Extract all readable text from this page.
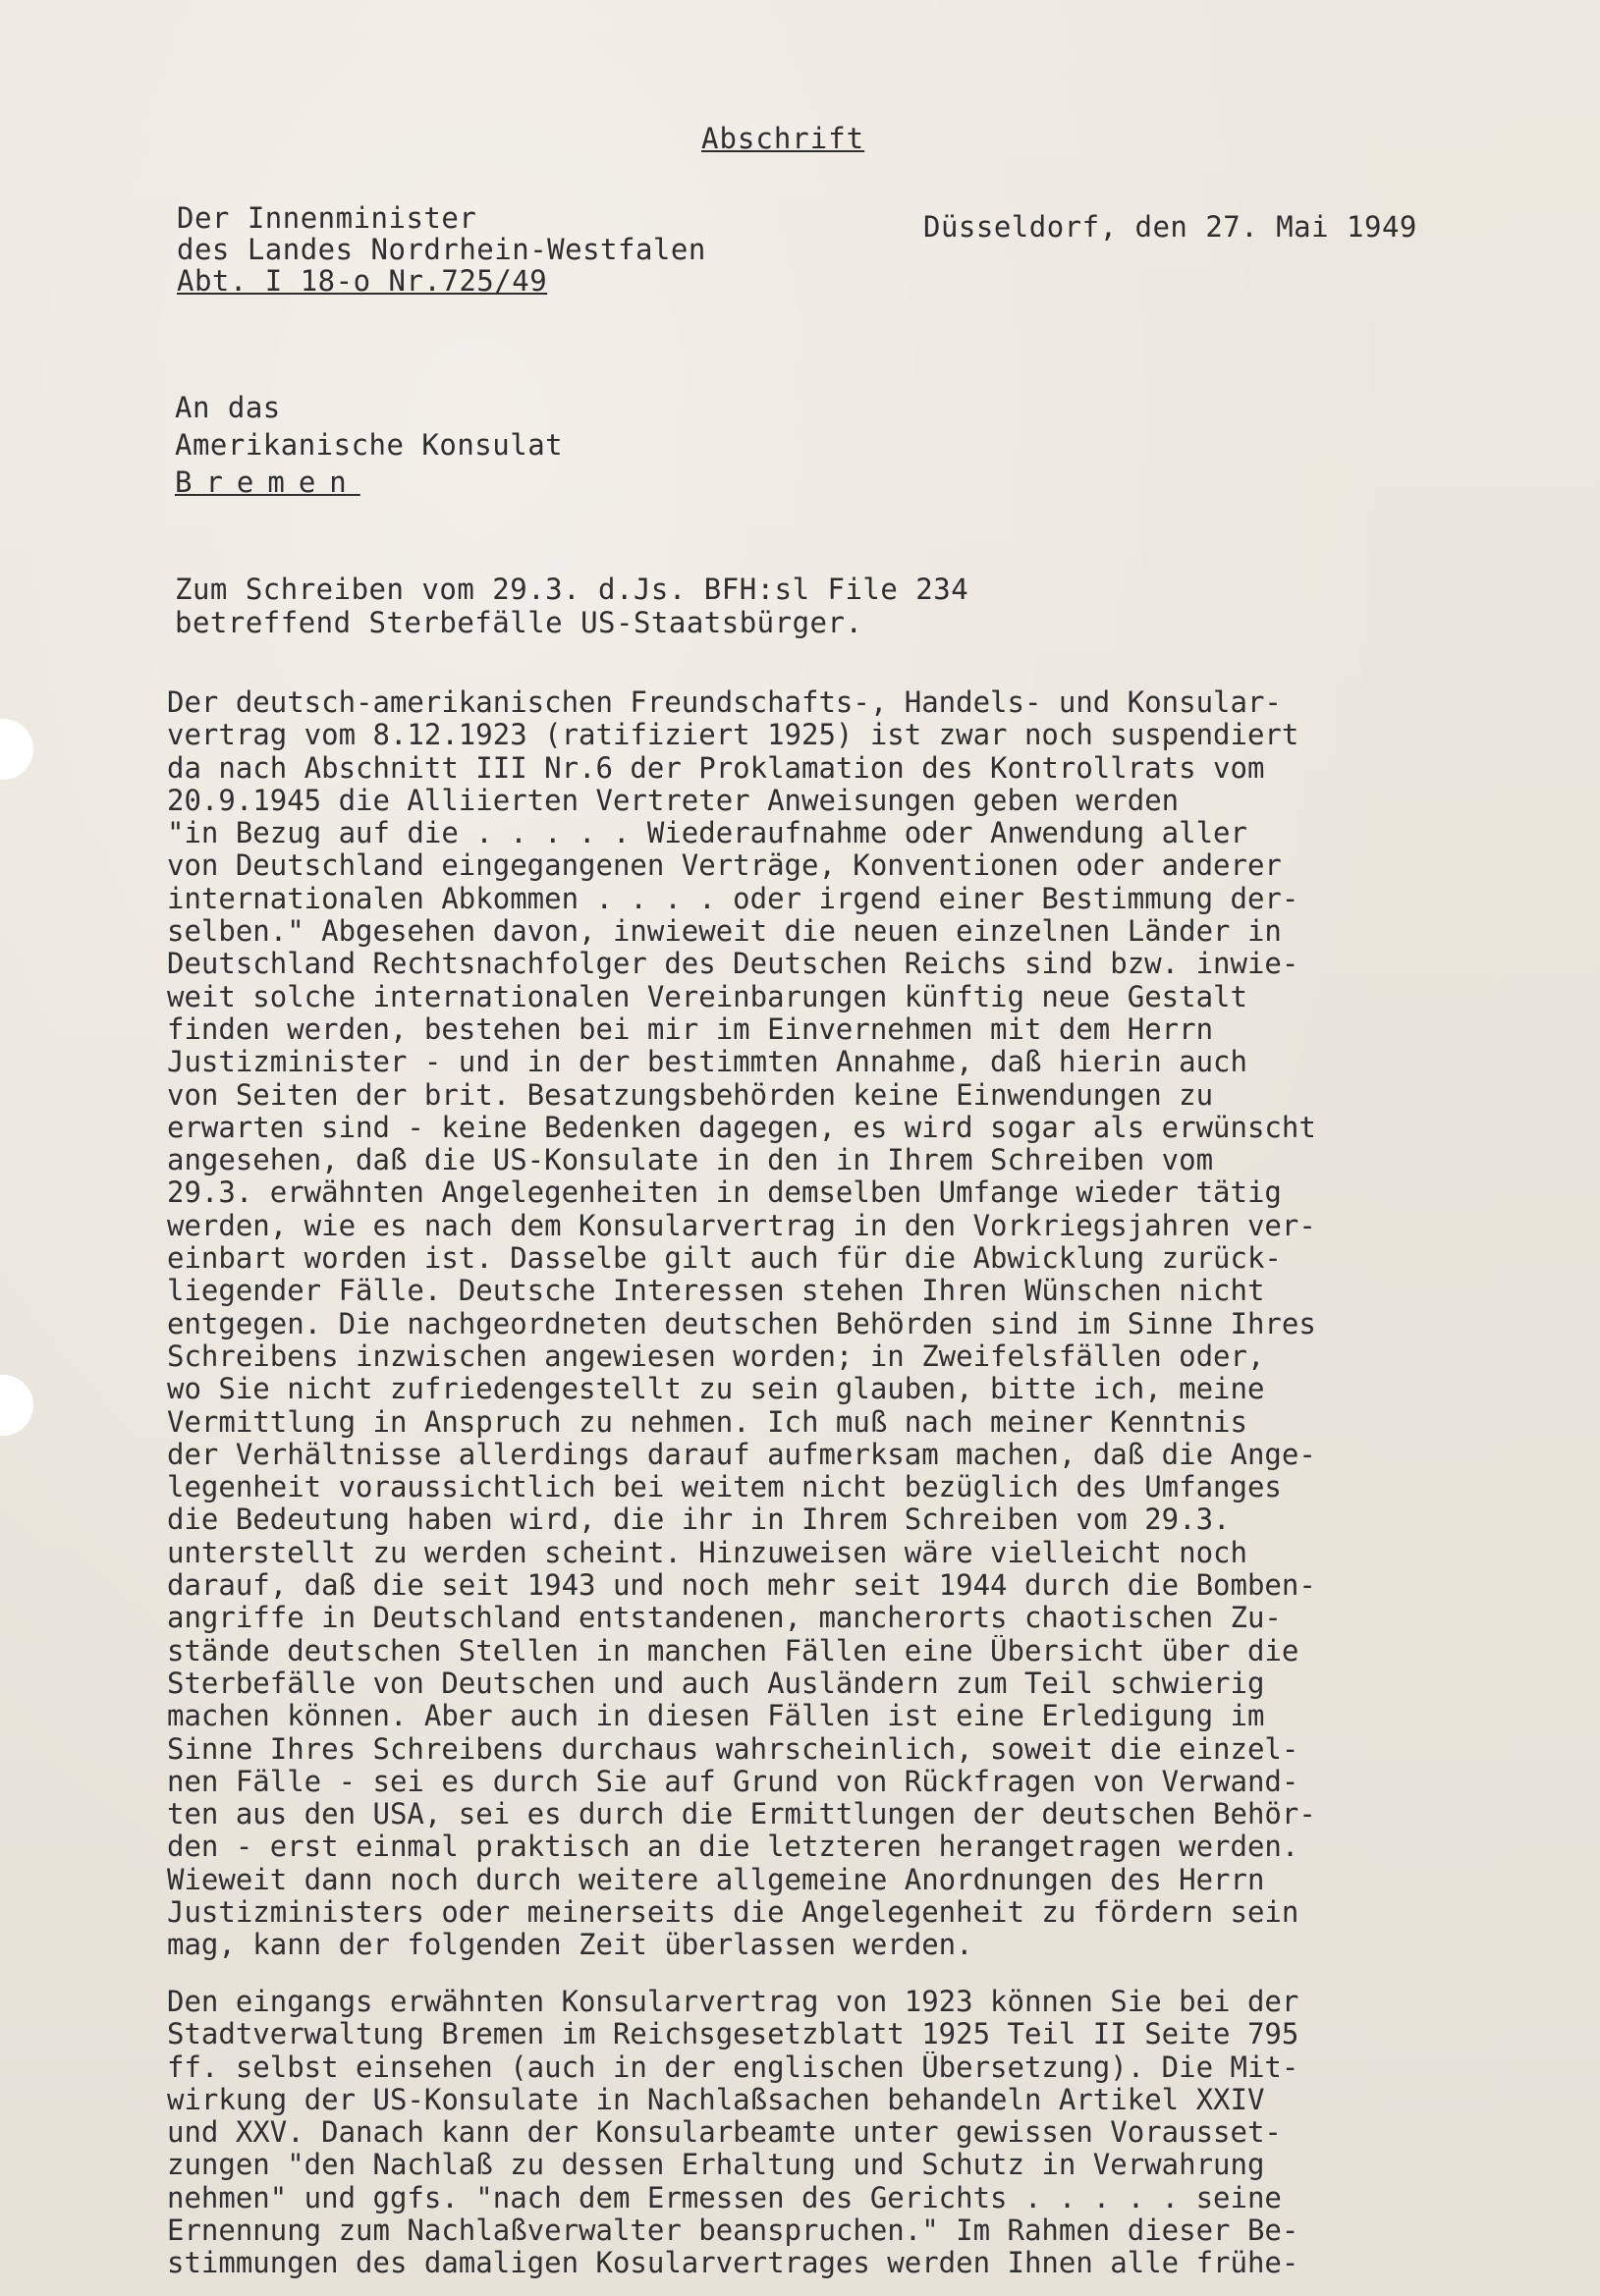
Abschrift
Der Innenminister
des Landes Nordrhein-Westfalen
Abt. I 18-o Nr.725/49
Düsseldorf, den 27. Mai 1949
An das
Amerikanische Konsulat
Bremen
Zum Schreiben vom 29.3. d.Js. BFH:sl File 234
betreffend Sterbefälle US-Staatsbürger.
Der deutsch-amerikanischen Freundschafts-, Handels- und Konsular-
vertrag vom 8.12.1923 (ratifiziert 1925) ist zwar noch suspendiert
da nach Abschnitt III Nr.6 der Proklamation des Kontrollrats vom
20.9.1945 die Alliierten Vertreter Anweisungen geben werden
"in Bezug auf die . . . . . Wiederaufnahme oder Anwendung aller
von Deutschland eingegangenen Verträge, Konventionen oder anderer
internationalen Abkommen . . . . oder irgend einer Bestimmung der-
selben." Abgesehen davon, inwieweit die neuen einzelnen Länder in
Deutschland Rechtsnachfolger des Deutschen Reichs sind bzw. inwie-
weit solche internationalen Vereinbarungen künftig neue Gestalt
finden werden, bestehen bei mir im Einvernehmen mit dem Herrn
Justizminister - und in der bestimmten Annahme, daß hierin auch
von Seiten der brit. Besatzungsbehörden keine Einwendungen zu
erwarten sind - keine Bedenken dagegen, es wird sogar als erwünscht
angesehen, daß die US-Konsulate in den in Ihrem Schreiben vom
29.3. erwähnten Angelegenheiten in demselben Umfange wieder tätig
werden, wie es nach dem Konsularvertrag in den Vorkriegsjahren ver-
einbart worden ist. Dasselbe gilt auch für die Abwicklung zurück-
liegender Fälle. Deutsche Interessen stehen Ihren Wünschen nicht
entgegen. Die nachgeordneten deutschen Behörden sind im Sinne Ihres
Schreibens inzwischen angewiesen worden; in Zweifelsfällen oder,
wo Sie nicht zufriedengestellt zu sein glauben, bitte ich, meine
Vermittlung in Anspruch zu nehmen. Ich muß nach meiner Kenntnis
der Verhältnisse allerdings darauf aufmerksam machen, daß die Ange-
legenheit voraussichtlich bei weitem nicht bezüglich des Umfanges
die Bedeutung haben wird, die ihr in Ihrem Schreiben vom 29.3.
unterstellt zu werden scheint. Hinzuweisen wäre vielleicht noch
darauf, daß die seit 1943 und noch mehr seit 1944 durch die Bomben-
angriffe in Deutschland entstandenen, mancherorts chaotischen Zu-
stände deutschen Stellen in manchen Fällen eine Übersicht über die
Sterbefälle von Deutschen und auch Ausländern zum Teil schwierig
machen können. Aber auch in diesen Fällen ist eine Erledigung im
Sinne Ihres Schreibens durchaus wahrscheinlich, soweit die einzel-
nen Fälle - sei es durch Sie auf Grund von Rückfragen von Verwand-
ten aus den USA, sei es durch die Ermittlungen der deutschen Behör-
den - erst einmal praktisch an die letzteren herangetragen werden.
Wieweit dann noch durch weitere allgemeine Anordnungen des Herrn
Justizministers oder meinerseits die Angelegenheit zu fördern sein
mag, kann der folgenden Zeit überlassen werden.
Den eingangs erwähnten Konsularvertrag von 1923 können Sie bei der
Stadtverwaltung Bremen im Reichsgesetzblatt 1925 Teil II Seite 795
ff. selbst einsehen (auch in der englischen Übersetzung). Die Mit-
wirkung der US-Konsulate in Nachlaßsachen behandeln Artikel XXIV
und XXV. Danach kann der Konsularbeamte unter gewissen Vorausset-
zungen "den Nachlaß zu dessen Erhaltung und Schutz in Verwahrung
nehmen" und ggfs. "nach dem Ermessen des Gerichts . . . . . seine
Ernennung zum Nachlaßverwalter beanspruchen." Im Rahmen dieser Be-
stimmungen des damaligen Kosularvertrages werden Ihnen alle frühe-
